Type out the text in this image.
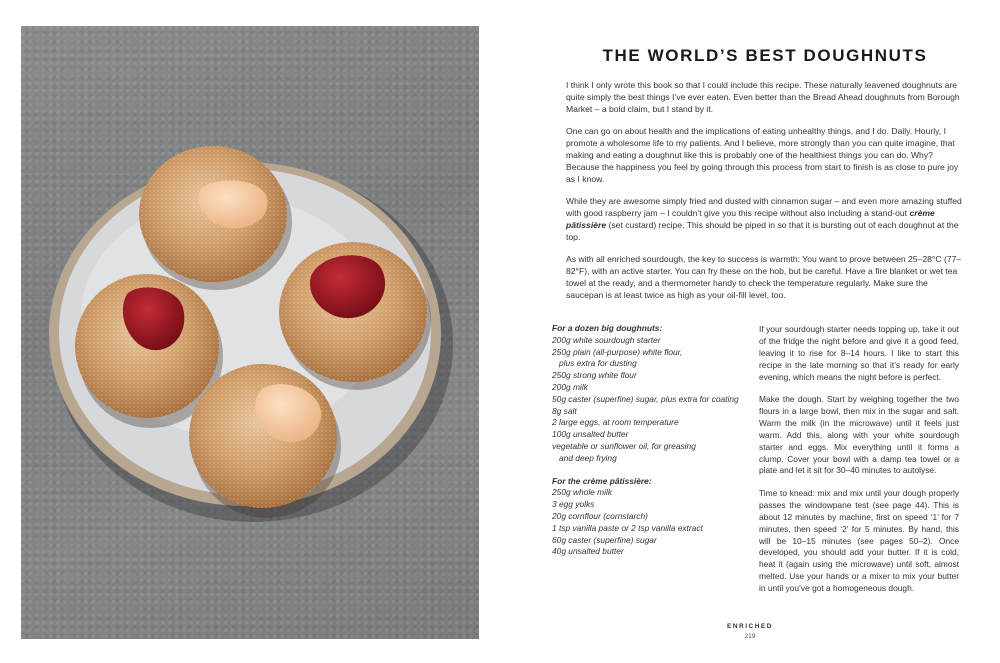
THE WORLD’S BEST DOUGHNUTS

I think I only wrote this book so that I could include this recipe. These naturally leavened doughnuts are quite simply the best things I’ve ever eaten. Even better than the Bread Ahead doughnuts from Borough Market – a bold claim, but I stand by it.

One can go on about health and the implications of eating unhealthy things, and I do. Daily. Hourly, I promote a wholesome life to my patients. And I believe, more strongly than you can quite imagine, that making and eating a doughnut like this is probably one of the healthiest things you can do. Why? Because the happiness you feel by going through this process from start to finish is as close to pure joy as I know.

While they are awesome simply fried and dusted with cinnamon sugar – and even more amazing stuffed with good raspberry jam – I couldn’t give you this recipe without also including a stand-out crème pâtissière (set custard) recipe. This should be piped in so that it is bursting out of each doughnut at the top.

As with all enriched sourdough, the key to success is warmth: You want to prove between 25–28°C (77–82°F), with an active starter. You can fry these on the hob, but be careful. Have a fire blanket or wet tea towel at the ready, and a thermometer handy to check the temperature regularly. Make sure the saucepan is at least twice as high as your oil-fill level, too.

For a dozen big doughnuts:
200g white sourdough starter
250g plain (all-purpose) white flour,
plus extra for dusting
250g strong white flour
200g milk
50g caster (superfine) sugar, plus extra for coating
8g salt
2 large eggs, at room temperature
100g unsalted butter
vegetable or sunflower oil, for greasing
and deep frying
For the crème pâtissière:
250g whole milk
3 egg yolks
20g cornflour (cornstarch)
1 tsp vanilla paste or 2 tsp vanilla extract
60g caster (superfine) sugar
40g unsalted butter

If your sourdough starter needs topping up, take it out of the fridge the night before and give it a good feed, leaving it to rise for 8–14 hours. I like to start this recipe in the late morning so that it’s ready for early evening, which means the night before is perfect.

Make the dough. Start by weighing together the two flours in a large bowl, then mix in the sugar and salt. Warm the milk (in the microwave) until it feels just warm. Add this, along with your white sourdough starter and eggs. Mix everything until it forms a clump. Cover your bowl with a damp tea towel or a plate and let it sit for 30–40 minutes to autolyse.

Time to knead: mix and mix until your dough properly passes the windowpane test (see page 44). This is about 12 minutes by machine, first on speed ‘1’ for 7 minutes, then speed ‘2’ for 5 minutes. By hand, this will be 10–15 minutes (see pages 50–2). Once developed, you should add your butter. If it is cold, heat it (again using the microwave) until soft, almost melted. Use your hands or a mixer to mix your butter in until you’ve got a homogeneous dough.

ENRICHED
219
